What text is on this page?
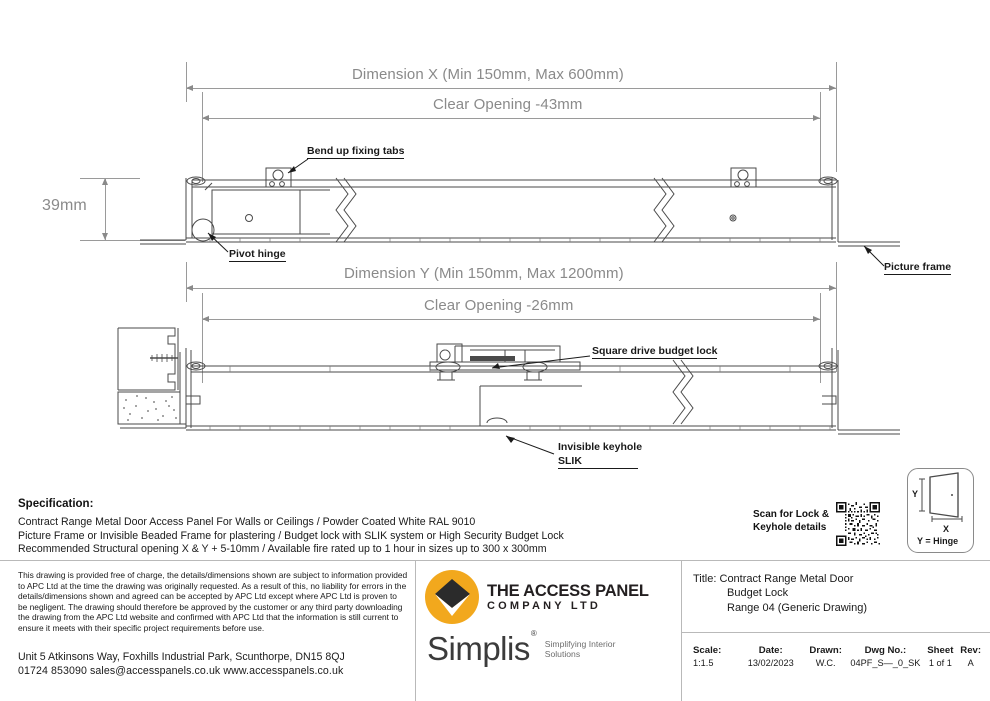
Dimension X (Min 150mm, Max 600mm)
Clear Opening -43mm
39mm
Bend up fixing tabs
Pivot hinge
Picture frame
Dimension Y (Min 150mm, Max 1200mm)
Clear Opening -26mm
Square drive budget lock
Invisible keyhole
SLIK
Specification:
Contract Range Metal Door Access Panel For Walls or Ceilings / Powder Coated White RAL 9010
Picture Frame or Invisible Beaded Frame for plastering / Budget lock with SLIK system or High Security Budget Lock
Recommended Structural opening X & Y + 5-10mm / Available fire rated up to 1 hour in sizes up to 300 x 300mm
Scan for Lock &
Keyhole details
Y
X
Y = Hinge
This drawing is provided free of charge, the details/dimensions shown are subject to information provided to APC Ltd at the time the drawing was originally requested. As a result of this, no liability for errors in the details/dimensions shown and agreed can be accepted by APC Ltd except where APC Ltd is proven to be negligent. The drawing should therefore be approved by the customer or any third party downloading the drawing from the APC Ltd website and confirmed with APC Ltd that the information is still current to ensure it meets with their specific project requirements before use.
Unit 5 Atkinsons Way, Foxhills Industrial Park, Scunthorpe, DN15 8QJ
01724 853090 sales@accesspanels.co.uk www.accesspanels.co.uk
THE ACCESS PANEL
COMPANY LTD
Simplis®
Simplifying Interior
Solutions
Title: Contract Range Metal Door
Budget Lock
Range 04 (Generic Drawing)
Scale:
1:1.5
Date:
13/02/2023
Drawn:
W.C.
Dwg No.:
04PF_S—_0_SK
Sheet
1 of 1
Rev:
A
